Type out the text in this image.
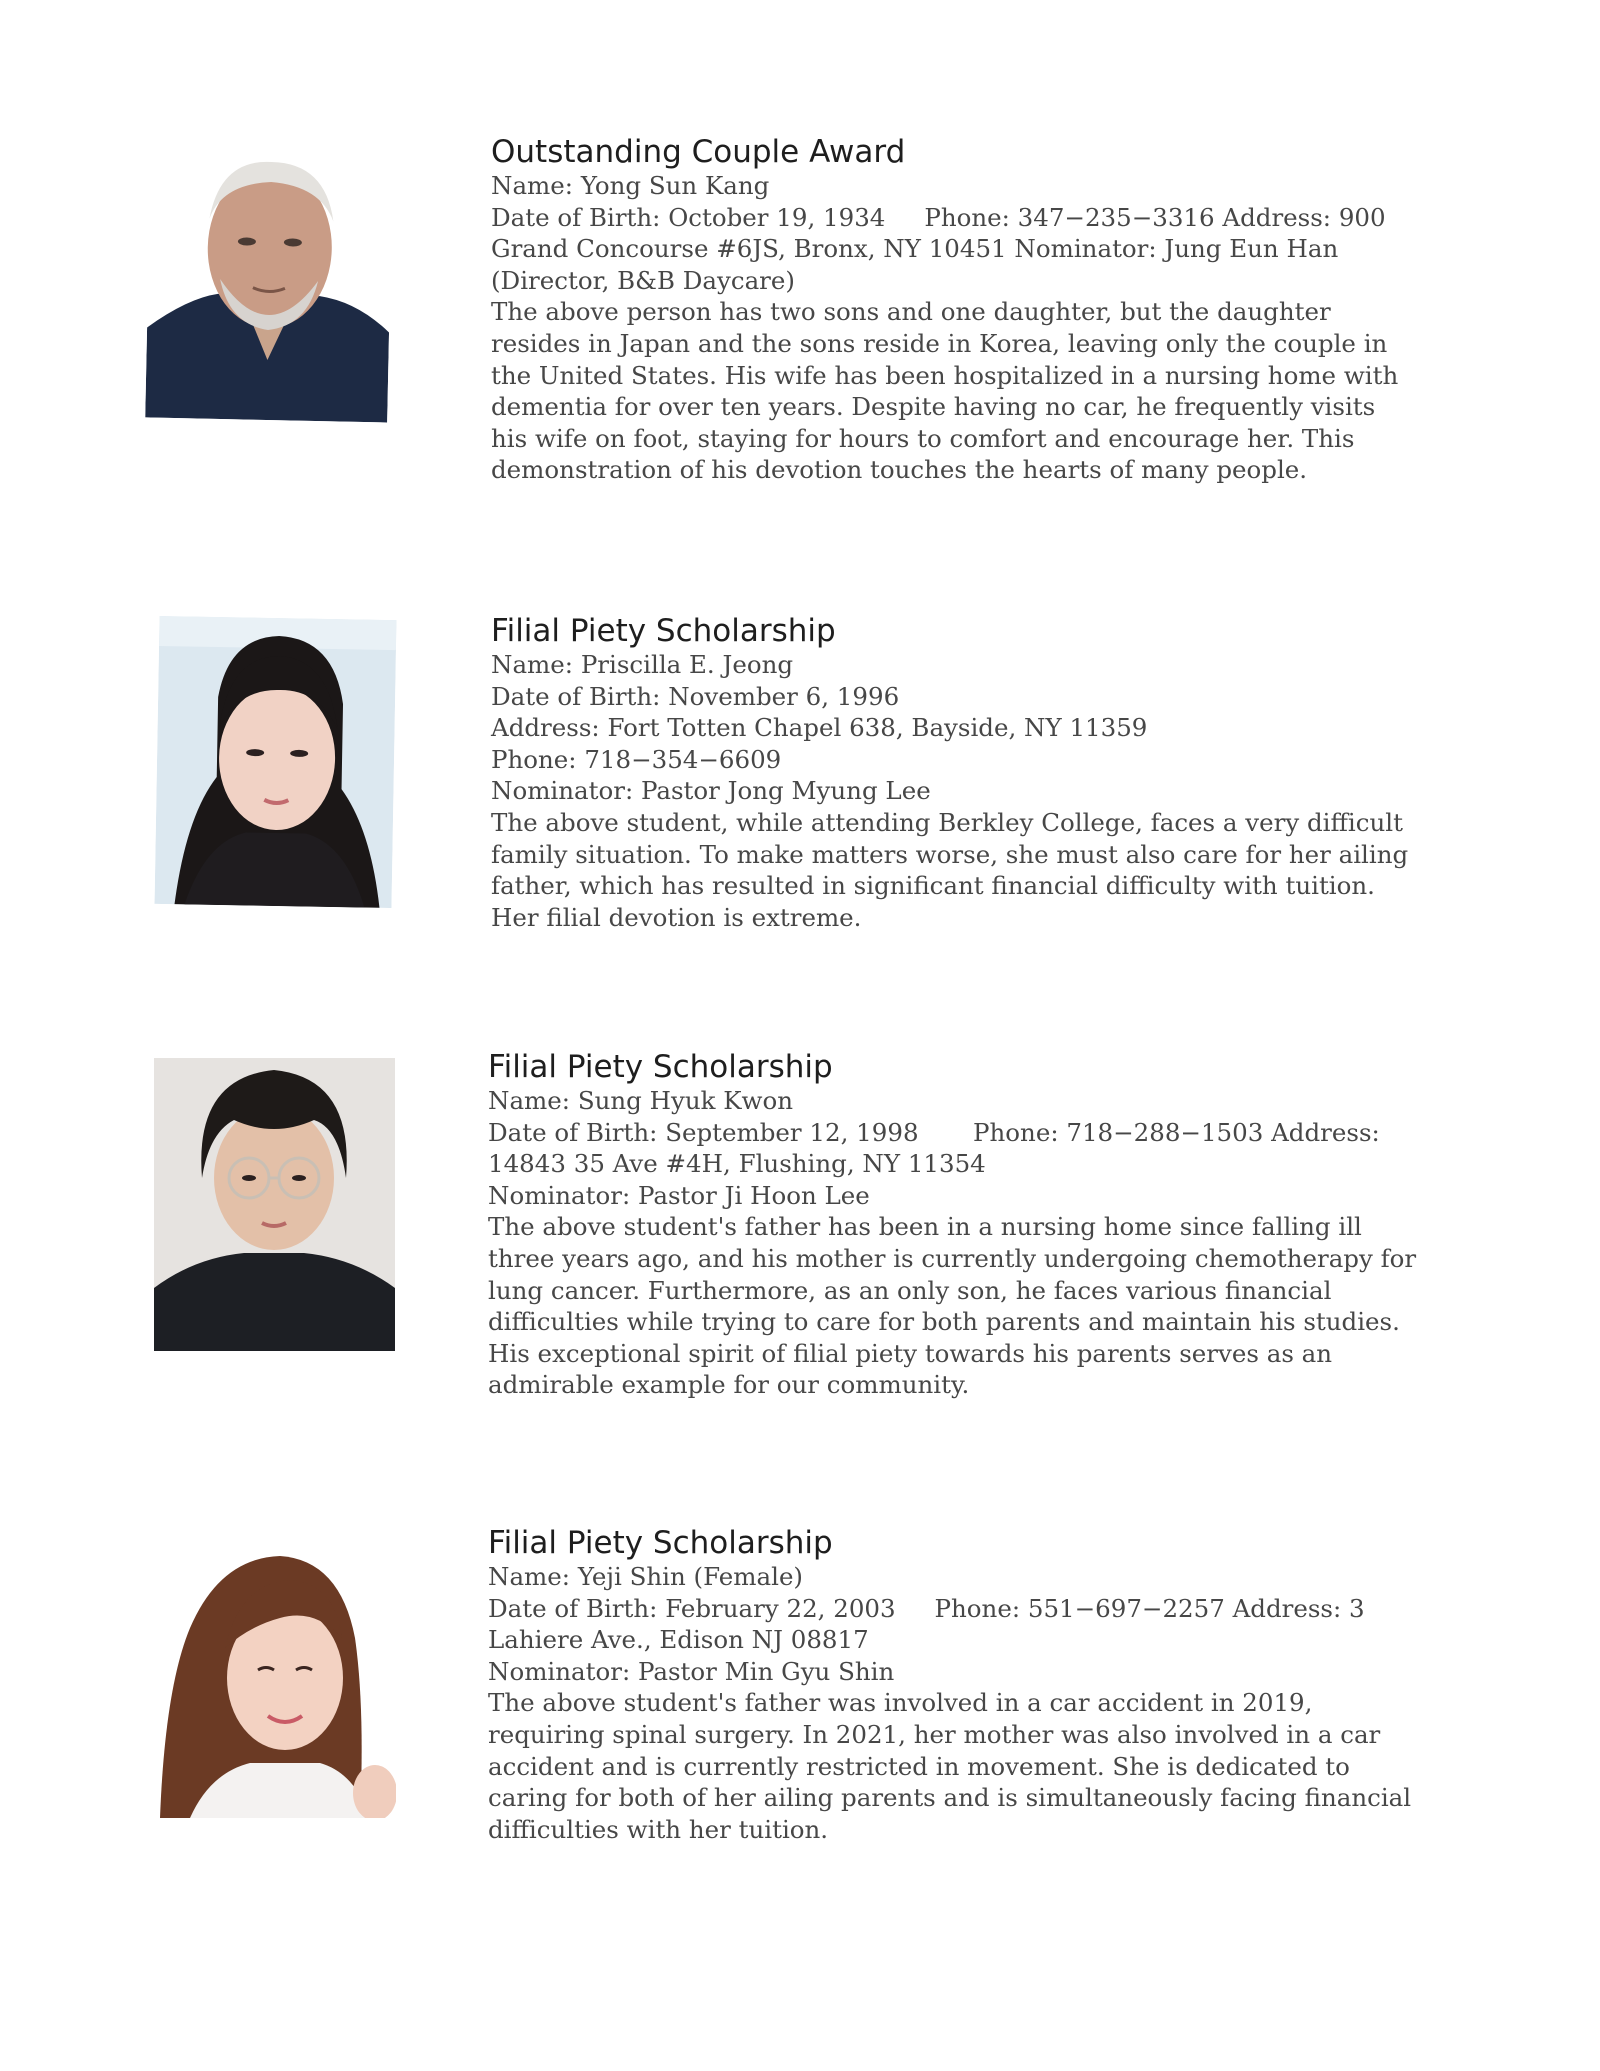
Outstanding Couple Award

Name: Yong Sun Kang

Date of Birth: October 19, 1934     Phone: 347−235−3316 Address: 900

Grand Concourse #6JS, Bronx, NY 10451 Nominator: Jung Eun Han

(Director, B&B Daycare)

The above person has two sons and one daughter, but the daughter

resides in Japan and the sons reside in Korea, leaving only the couple in

the United States. His wife has been hospitalized in a nursing home with

dementia for over ten years. Despite having no car, he frequently visits

his wife on foot, staying for hours to comfort and encourage her. This

demonstration of his devotion touches the hearts of many people.

Filial Piety Scholarship

Name: Priscilla E. Jeong

Date of Birth: November 6, 1996

Address: Fort Totten Chapel 638, Bayside, NY 11359

Phone: 718−354−6609

Nominator: Pastor Jong Myung Lee

The above student, while attending Berkley College, faces a very difficult

family situation. To make matters worse, she must also care for her ailing

father, which has resulted in significant financial difficulty with tuition.

Her filial devotion is extreme.

Filial Piety Scholarship

Name: Sung Hyuk Kwon

Date of Birth: September 12, 1998       Phone: 718−288−1503 Address:

14843 35 Ave #4H, Flushing, NY 11354

Nominator: Pastor Ji Hoon Lee

The above student's father has been in a nursing home since falling ill

three years ago, and his mother is currently undergoing chemotherapy for

lung cancer. Furthermore, as an only son, he faces various financial

difficulties while trying to care for both parents and maintain his studies.

His exceptional spirit of filial piety towards his parents serves as an

admirable example for our community.

Filial Piety Scholarship

Name: Yeji Shin (Female)

Date of Birth: February 22, 2003     Phone: 551−697−2257 Address: 3

Lahiere Ave., Edison NJ 08817

Nominator: Pastor Min Gyu Shin

The above student's father was involved in a car accident in 2019,

requiring spinal surgery. In 2021, her mother was also involved in a car

accident and is currently restricted in movement. She is dedicated to

caring for both of her ailing parents and is simultaneously facing financial

difficulties with her tuition.
